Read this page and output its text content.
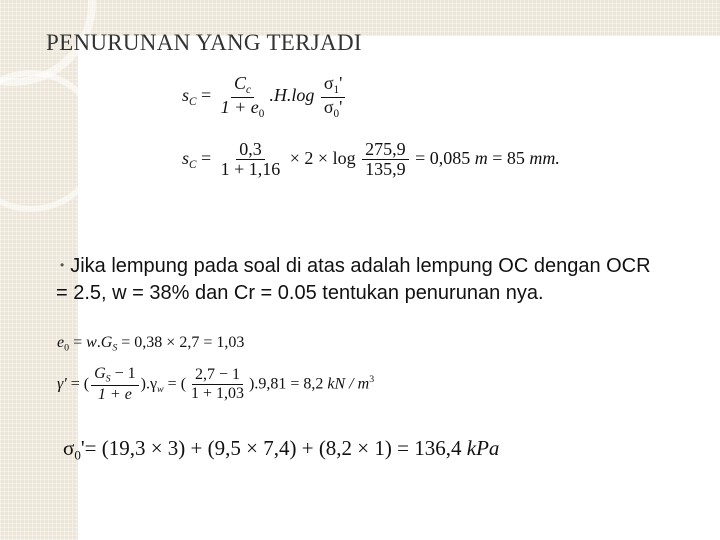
PENURUNAN YANG TERJADI
$s_C = \frac{C_c}{1 + e_0} .H.\log \frac{\sigma_1'}{\sigma_0'}$
$s_C = \frac{0,3}{1 + 1,16} \times 2 \times \log \frac{275,9}{135,9} = 0,085$ m = 85 mm.
• Jika lempung pada soal di atas adalah lempung OC dengan OCR = 2.5, w = 38% dan Cr = 0.05 tentukan penurunan nya.
$e_0 = w.G_S = 0,38 \times 2,7 = 1,03$
γ' = ( $\frac{G_S - 1}{1 + e} ).\gamma_w$ = ( $\frac{2,7 - 1}{1 + 1,03} ).9,81 = 8,2$ kN / $m^3$
$\sigma_0'= (19,3 \times 3) + (9,5 \times 7,4) + (8,2 \times 1) = 136,4$ kPa
